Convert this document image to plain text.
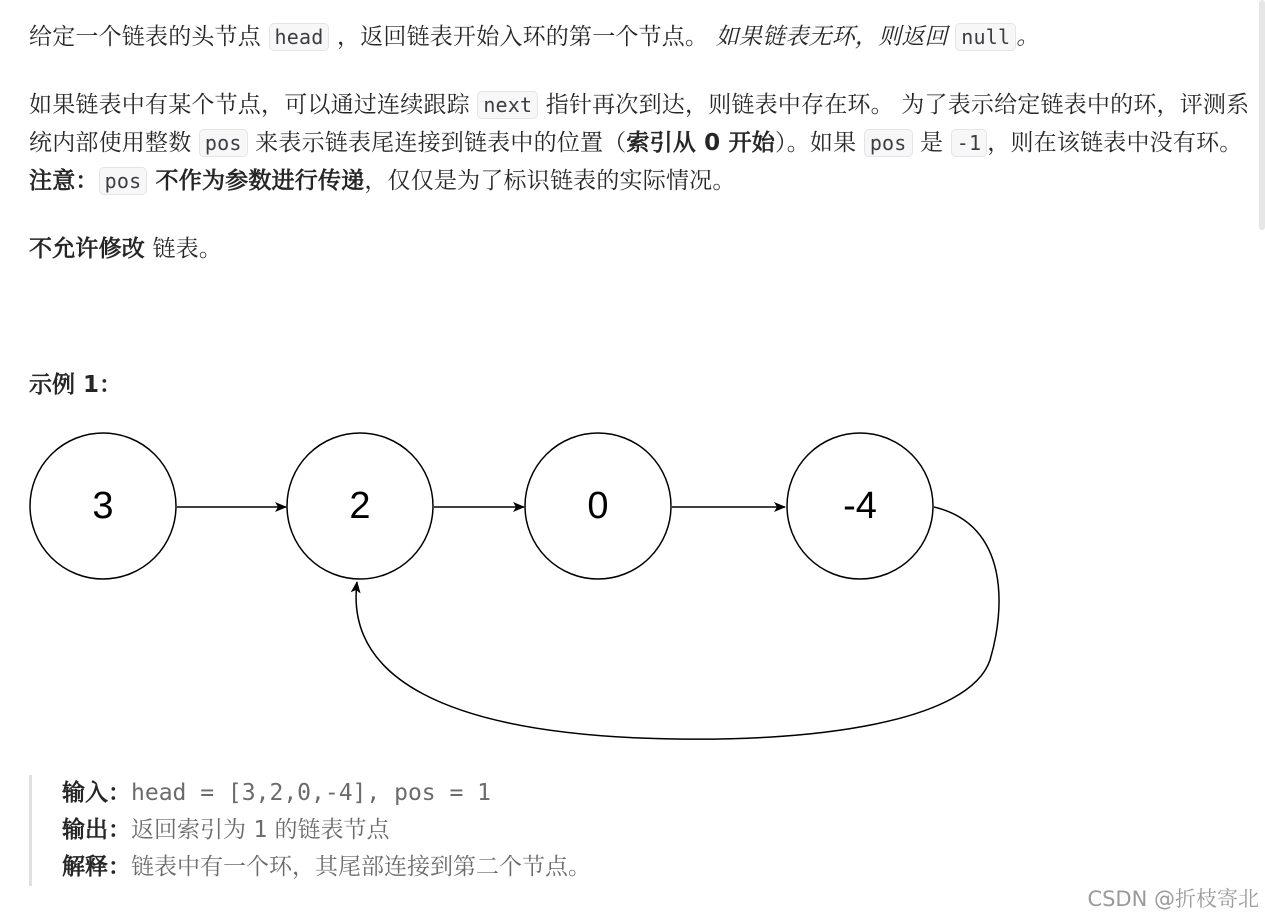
给定一个链表的头节点 head ，返回链表开始入环的第一个节点。 如果链表无环，则返回 null 。

如果链表中有某个节点，可以通过连续跟踪 next 指针再次到达，则链表中存在环。 为了表示给定链表中的环，评测系统内部使用整数 pos 来表示链表尾连接到链表中的位置（索引从 0 开始）。如果 pos 是 -1 ，则在该链表中没有环。注意： pos 不作为参数进行传递，仅仅是为了标识链表的实际情况。

不允许修改 链表。

示例 1：
3	2	0	-4
输入：head = [3,2,0,-4], pos = 1
输出：返回索引为 1 的链表节点
解释：链表中有一个环，其尾部连接到第二个节点。
CSDN @折枝寄北
